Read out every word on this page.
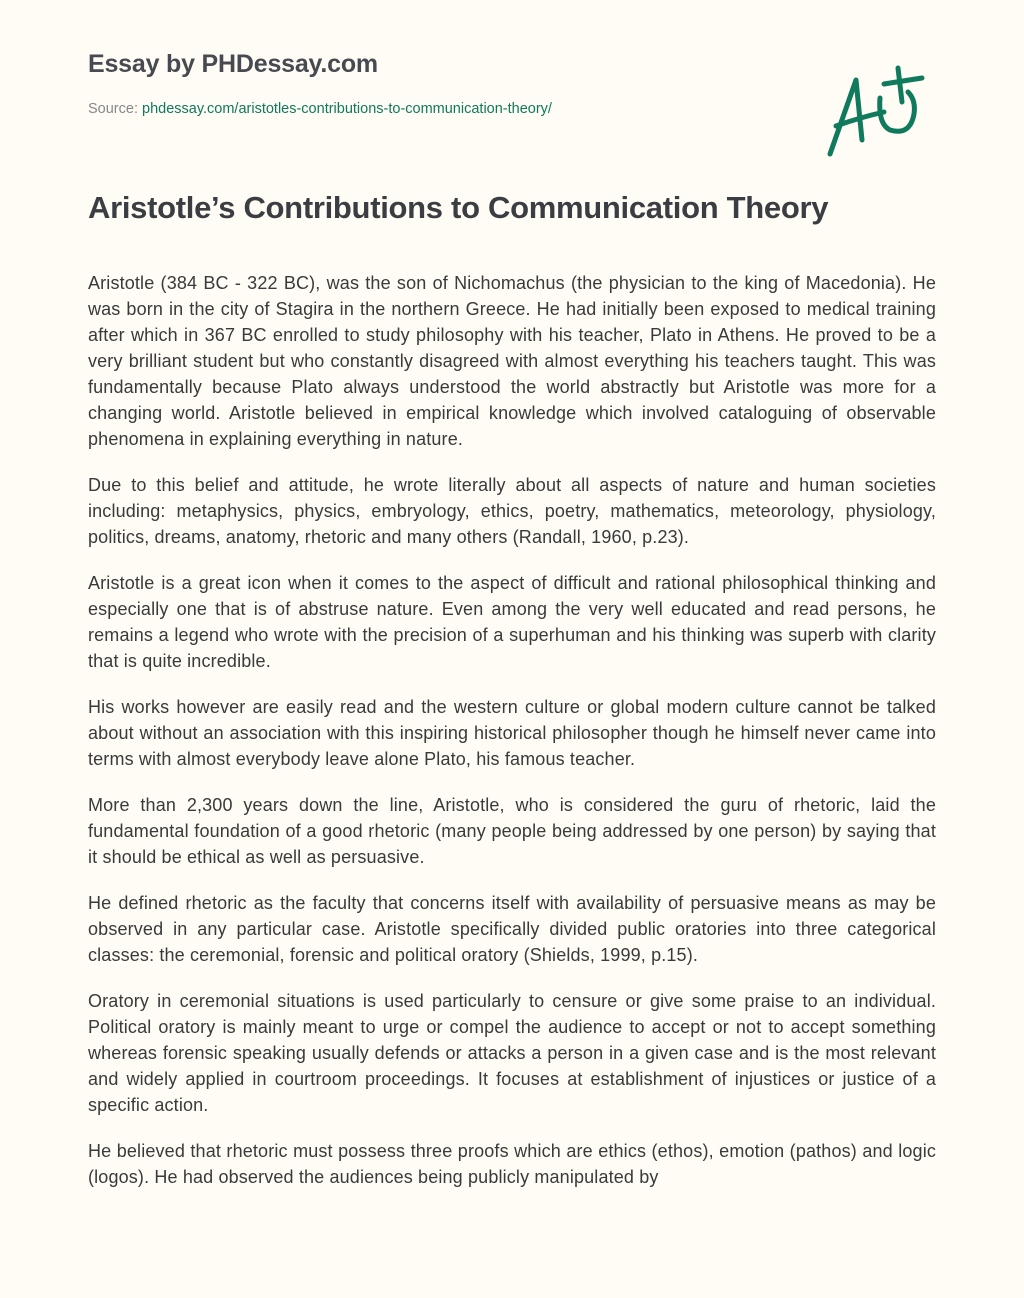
Essay by PHDessay.com
Source: phdessay.com/aristotles-contributions-to-communication-theory/
Aristotle’s Contributions to Communication Theory

Aristotle (384 BC - 322 BC), was the son of Nichomachus (the physician to the king of Macedonia). He was born in the city of Stagira in the northern Greece. He had initially been exposed to medical training after which in 367 BC enrolled to study philosophy with his teacher, Plato in Athens. He proved to be a very brilliant student but who constantly disagreed with almost everything his teachers taught. This was fundamentally because Plato always understood the world abstractly but Aristotle was more for a changing world. Aristotle believed in empirical knowledge which involved cataloguing of observable phenomena in explaining everything in nature.

Due to this belief and attitude, he wrote literally about all aspects of nature and human societies including: metaphysics, physics, embryology, ethics, poetry, mathematics, meteorology, physiology, politics, dreams, anatomy, rhetoric and many others (Randall, 1960, p.23).

Aristotle is a great icon when it comes to the aspect of difficult and rational philosophical thinking and especially one that is of abstruse nature. Even among the very well educated and read persons, he remains a legend who wrote with the precision of a superhuman and his thinking was superb with clarity that is quite incredible.

His works however are easily read and the western culture or global modern culture cannot be talked about without an association with this inspiring historical philosopher though he himself never came into terms with almost everybody leave alone Plato, his famous teacher.

More than 2,300 years down the line, Aristotle, who is considered the guru of rhetoric, laid the fundamental foundation of a good rhetoric (many people being addressed by one person) by saying that it should be ethical as well as persuasive.

He defined rhetoric as the faculty that concerns itself with availability of persuasive means as may be observed in any particular case. Aristotle specifically divided public oratories into three categorical classes: the ceremonial, forensic and political oratory (Shields, 1999, p.15).

Oratory in ceremonial situations is used particularly to censure or give some praise to an individual. Political oratory is mainly meant to urge or compel the audience to accept or not to accept something whereas forensic speaking usually defends or attacks a person in a given case and is the most relevant and widely applied in courtroom proceedings. It focuses at establishment of injustices or justice of a specific action.

He believed that rhetoric must possess three proofs which are ethics (ethos), emotion (pathos) and logic (logos). He had observed the audiences being publicly manipulated by
